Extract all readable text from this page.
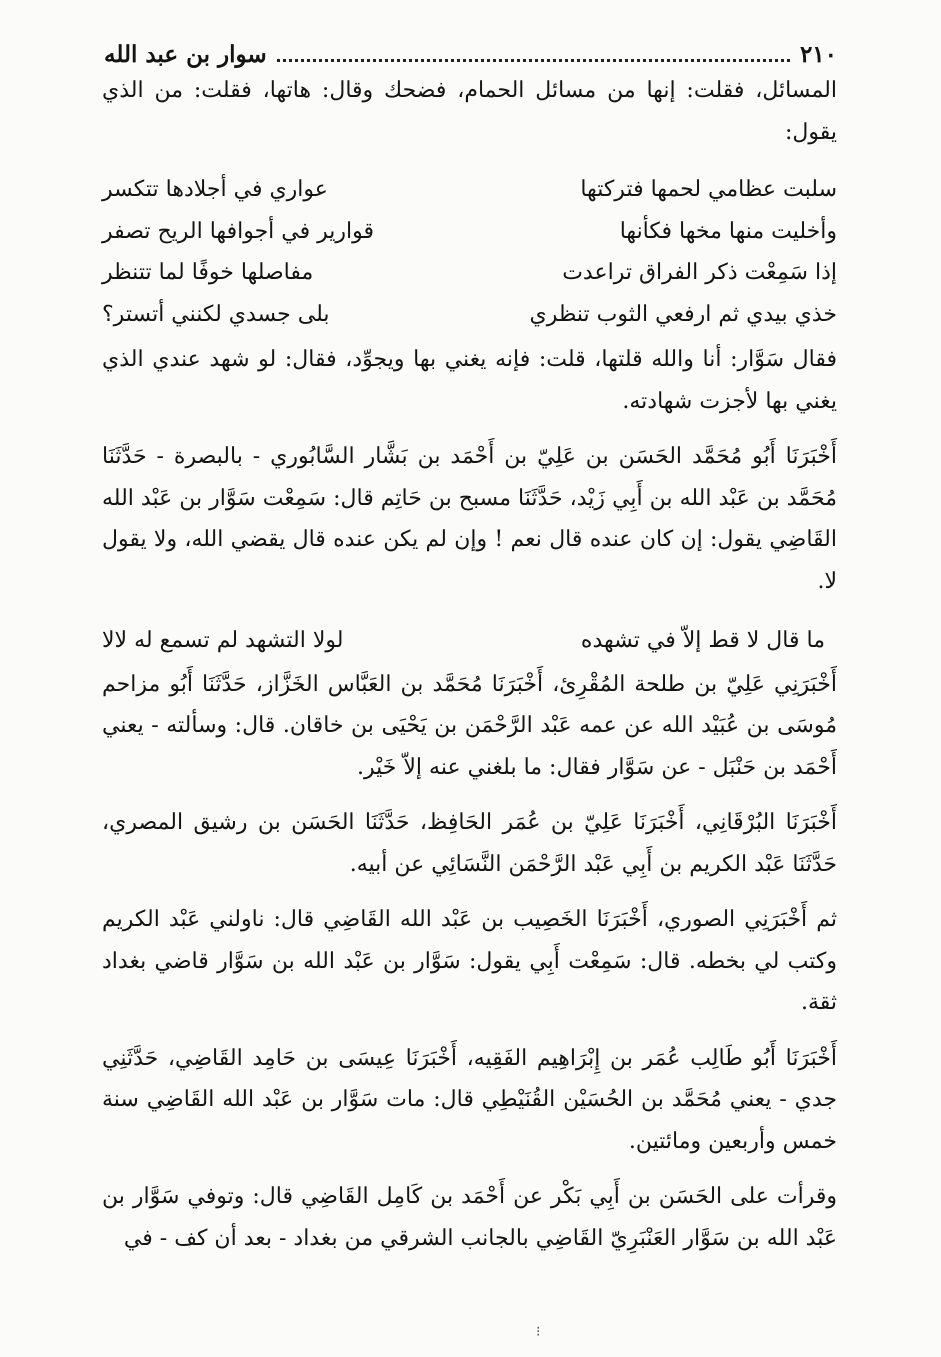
٢١٠
سوار بن عبد الله

المسائل، فقلت: إنها من مسائل الحمام، فضحك وقال: هاتها، فقلت: من الذي يقول:

سلبت عظامي لحمها فتركتها
عواري في أجلادها تتكسر
وأخليت منها مخها فكأنها
قوارير في أجوافها الريح تصفر
إذا سَمِعْت ذكر الفراق تراعدت
مفاصلها خوفًا لما تتنظر
خذي بيدي ثم ارفعي الثوب تنظري
بلى جسدي لكنني أتستر؟

فقال سَوَّار: أنا والله قلتها، قلت: فإنه يغني بها ويجوِّد، فقال: لو شهد عندي الذي يغني بها لأجزت شهادته.

أَخْبَرَنَا أَبُو مُحَمَّد الحَسَن بن عَلِيّ بن أَحْمَد بن بَشَّار السَّابُوري - بالبصرة - حَدَّثَنَا مُحَمَّد بن عَبْد الله بن أَبِي زَيْد، حَدَّثَنَا مسبح بن حَاتِم قال: سَمِعْت سَوَّار بن عَبْد الله القَاضِي يقول: إن كان عنده قال نعم ! وإن لم يكن عنده قال يقضي الله، ولا يقول لا.

ما قال لا قط إلاّ في تشهده
لولا التشهد لم تسمع له لالا

أَخْبَرَنِي عَلِيّ بن طلحة المُقْرِئ، أَخْبَرَنَا مُحَمَّد بن العَبَّاس الخَزَّاز، حَدَّثَنَا أَبُو مزاحم مُوسَى بن عُبَيْد الله عن عمه عَبْد الرَّحْمَن بن يَحْيَى بن خاقان. قال: وسألته - يعني أَحْمَد بن حَنْبَل - عن سَوَّار فقال: ما بلغني عنه إلاّ خَيْر.

أَخْبَرَنَا البُرْقَانِي، أَخْبَرَنَا عَلِيّ بن عُمَر الحَافِظ، حَدَّثَنَا الحَسَن بن رشيق المصري، حَدَّثَنَا عَبْد الكريم بن أَبِي عَبْد الرَّحْمَن النَّسَائِي عن أبيه.

ثم أَخْبَرَنِي الصوري، أَخْبَرَنَا الخَصِيب بن عَبْد الله القَاضِي قال: ناولني عَبْد الكريم وكتب لي بخطه. قال: سَمِعْت أَبِي يقول: سَوَّار بن عَبْد الله بن سَوَّار قاضي بغداد ثقة.

أَخْبَرَنَا أَبُو طَالِب عُمَر بن إِبْرَاهِيم الفَقِيه، أَخْبَرَنَا عِيسَى بن حَامِد القَاضِي، حَدَّثَنِي جدي - يعني مُحَمَّد بن الحُسَيْن القُنَيْطِي قال: مات سَوَّار بن عَبْد الله القَاضِي سنة خمس وأربعين ومائتين.

وقرأت على الحَسَن بن أَبِي بَكْر عن أَحْمَد بن كَامِل القَاضِي قال: وتوفي سَوَّار بن عَبْد الله بن سَوَّار العَنْبَرِيّ القَاضِي بالجانب الشرقي من بغداد - بعد أن كف - في

⁝
